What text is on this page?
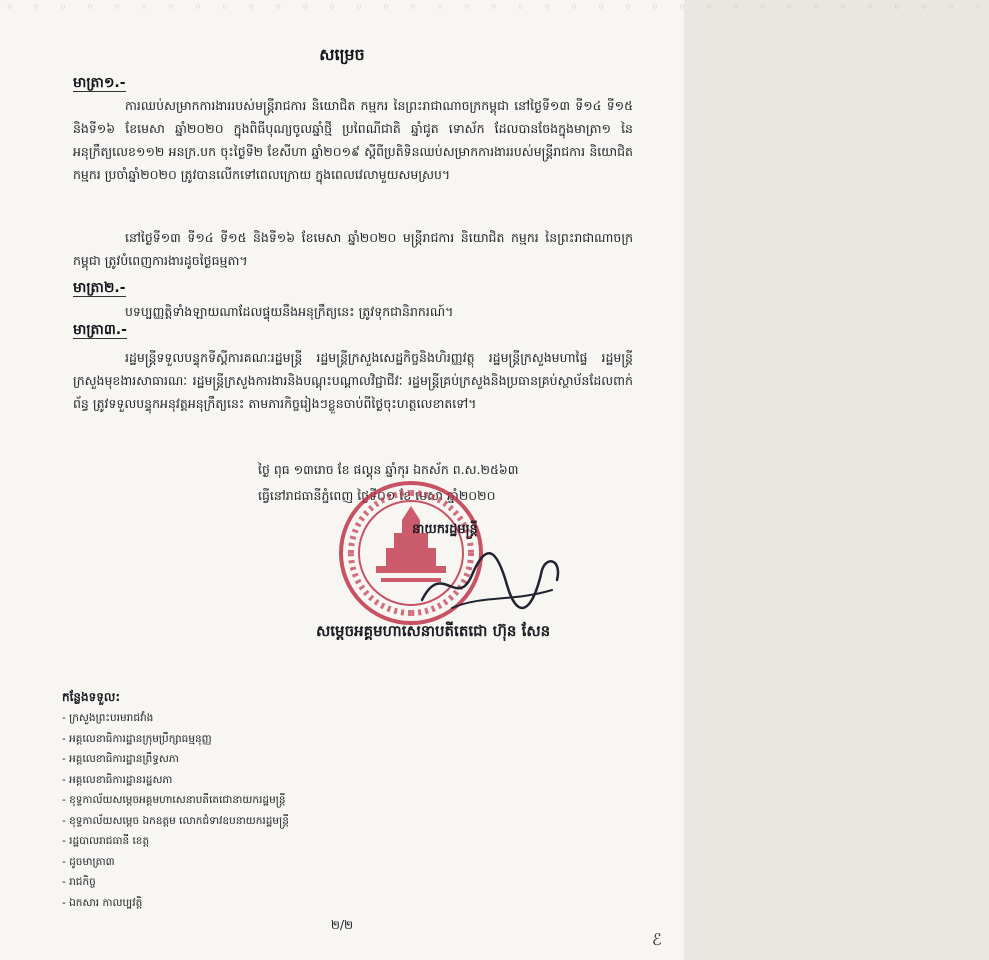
◦ ◦ ◦ ◦ ◦ ◦ ◦ ◦ ◦ ◦ ◦ ◦ ◦ ◦ ◦ ◦ ◦ ◦ ◦ ◦ ◦ ◦ ◦ ◦ ◦ ◦ ◦ ◦ ◦ ◦ ◦ ◦ ◦ ◦ ◦ ◦ ◦
សម្រេច
មាត្រា១.-
ការឈប់សម្រាកការងាររបស់មន្ត្រីរាជការ និយោជិត កម្មករ នៃព្រះរាជាណាចក្រកម្ពុជា នៅថ្ងៃទី១៣ ទី១៤ ទី១៥ និងទី១៦ ខែមេសា ឆ្នាំ២០២០ ក្នុងពិធីបុណ្យចូលឆ្នាំថ្មី ប្រពៃណីជាតិ ឆ្នាំជូត ទោស័ក ដែលបានចែងក្នុងមាត្រា១ នៃអនុក្រឹត្យលេខ១១២ អនក្រ.បក ចុះថ្ងៃទី២ ខែសីហា ឆ្នាំ២០១៩ ស្ដីពីប្រតិទិនឈប់សម្រាកការងាររបស់មន្ត្រីរាជការ និយោជិត កម្មករ ប្រចាំឆ្នាំ២០២០ ត្រូវបានលើកទៅពេលក្រោយ ក្នុងពេលវេលាមួយសមស្រប។
នៅថ្ងៃទី១៣ ទី១៤ ទី១៥ និងទី១៦ ខែមេសា ឆ្នាំ២០២០ មន្ត្រីរាជការ និយោជិត កម្មករ នៃព្រះរាជាណាចក្រកម្ពុជា ត្រូវបំពេញការងារដូចថ្ងៃធម្មតា។
មាត្រា២.-
បទប្បញ្ញត្តិទាំងឡាយណាដែលផ្ទុយនឹងអនុក្រឹត្យនេះ ត្រូវទុកជានិរាករណ៍។
មាត្រា៣.-
រដ្ឋមន្ត្រីទទួលបន្ទុកទីស្ដីការគណៈរដ្ឋមន្ត្រី រដ្ឋមន្ត្រីក្រសួងសេដ្ឋកិច្ចនិងហិរញ្ញវត្ថុ រដ្ឋមន្ត្រីក្រសួងមហាផ្ទៃ រដ្ឋមន្ត្រីក្រសួងមុខងារសាធារណៈ រដ្ឋមន្ត្រីក្រសួងការងារនិងបណ្ដុះបណ្ដាលវិជ្ជាជីវៈ រដ្ឋមន្ត្រីគ្រប់ក្រសួងនិងប្រធានគ្រប់ស្ថាប័នដែលពាក់ព័ន្ធ ត្រូវទទួលបន្ទុកអនុវត្តអនុក្រឹត្យនេះ តាមភារកិច្ចរៀងៗខ្លួនចាប់ពីថ្ងៃចុះហត្ថលេខាតទៅ។
ថ្ងៃ ពុធ ១៣រោច ខែ ផល្គុន ឆ្នាំកុរ ឯកស័ក ព.ស.២៥៦៣
ធ្វើនៅរាជធានីភ្នំពេញ ថ្ងៃទី០១ ខែ មេសា ឆ្នាំ២០២០
នាយករដ្ឋមន្ត្រី
សម្ដេចអគ្គមហាសេនាបតីតេជោ ហ៊ុន សែន
កន្លែងទទួល:
- ក្រសួងព្រះបរមរាជវាំង
- អគ្គលេខាធិការដ្ឋានក្រុមប្រឹក្សាធម្មនុញ្ញ
- អគ្គលេខាធិការដ្ឋានព្រឹទ្ធសភា
- អគ្គលេខាធិការដ្ឋានរដ្ឋសភា
- ខុទ្ទកាល័យសម្ដេចអគ្គមហាសេនាបតីតេជោនាយករដ្ឋមន្ត្រី
- ខុទ្ទកាល័យសម្ដេច ឯកឧត្ដម លោកជំទាវឧបនាយករដ្ឋមន្ត្រី
- រដ្ឋបាលរាជធានី ខេត្ត
- ដូចមាត្រា៣
- រាជកិច្ច
- ឯកសារ កាលប្បវត្តិ
២/២
ℰ
